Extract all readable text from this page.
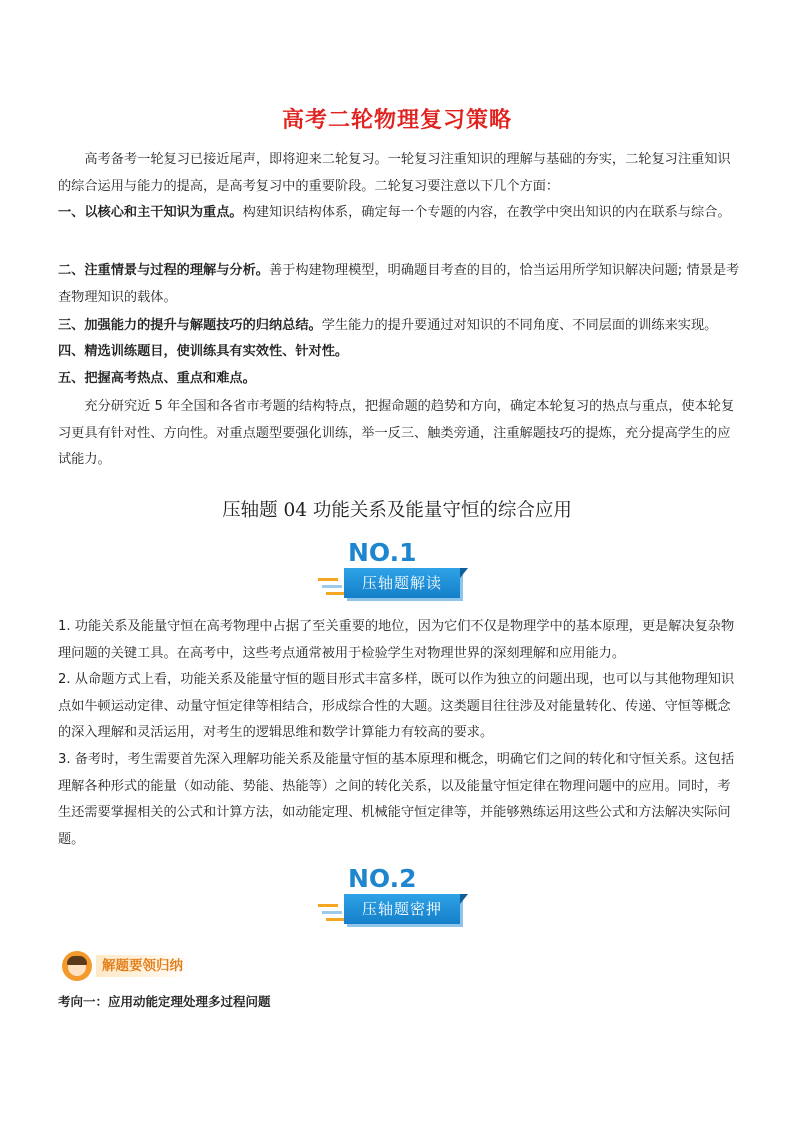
高考二轮物理复习策略
高考备考一轮复习已接近尾声，即将迎来二轮复习。一轮复习注重知识的理解与基础的夯实，二轮复习注重知识的综合运用与能力的提高，是高考复习中的重要阶段。二轮复习要注意以下几个方面：
一、以核心和主干知识为重点。构建知识结构体系，确定每一个专题的内容，在教学中突出知识的内在联系与综合。
二、注重情景与过程的理解与分析。善于构建物理模型，明确题目考查的目的，恰当运用所学知识解决问题; 情景是考查物理知识的载体。
三、加强能力的提升与解题技巧的归纳总结。学生能力的提升要通过对知识的不同角度、不同层面的训练来实现。
四、精选训练题目，使训练具有实效性、针对性。
五、把握高考热点、重点和难点。
充分研究近 5 年全国和各省市考题的结构特点，把握命题的趋势和方向，确定本轮复习的热点与重点，使本轮复习更具有针对性、方向性。对重点题型要强化训练，举一反三、触类旁通，注重解题技巧的提炼，充分提高学生的应试能力。
压轴题 04 功能关系及能量守恒的综合应用
NO.1
压轴题解读
1. 功能关系及能量守恒在高考物理中占据了至关重要的地位，因为它们不仅是物理学中的基本原理，更是解决复杂物理问题的关键工具。在高考中，这些考点通常被用于检验学生对物理世界的深刻理解和应用能力。
2. 从命题方式上看，功能关系及能量守恒的题目形式丰富多样，既可以作为独立的问题出现，也可以与其他物理知识点如牛顿运动定律、动量守恒定律等相结合，形成综合性的大题。这类题目往往涉及对能量转化、传递、守恒等概念的深入理解和灵活运用，对考生的逻辑思维和数学计算能力有较高的要求。
3. 备考时，考生需要首先深入理解功能关系及能量守恒的基本原理和概念，明确它们之间的转化和守恒关系。这包括理解各种形式的能量（如动能、势能、热能等）之间的转化关系，以及能量守恒定律在物理问题中的应用。同时，考生还需要掌握相关的公式和计算方法，如动能定理、机械能守恒定律等，并能够熟练运用这些公式和方法解决实际问题。
NO.2
压轴题密押
解题要领归纳
考向一：应用动能定理处理多过程问题
